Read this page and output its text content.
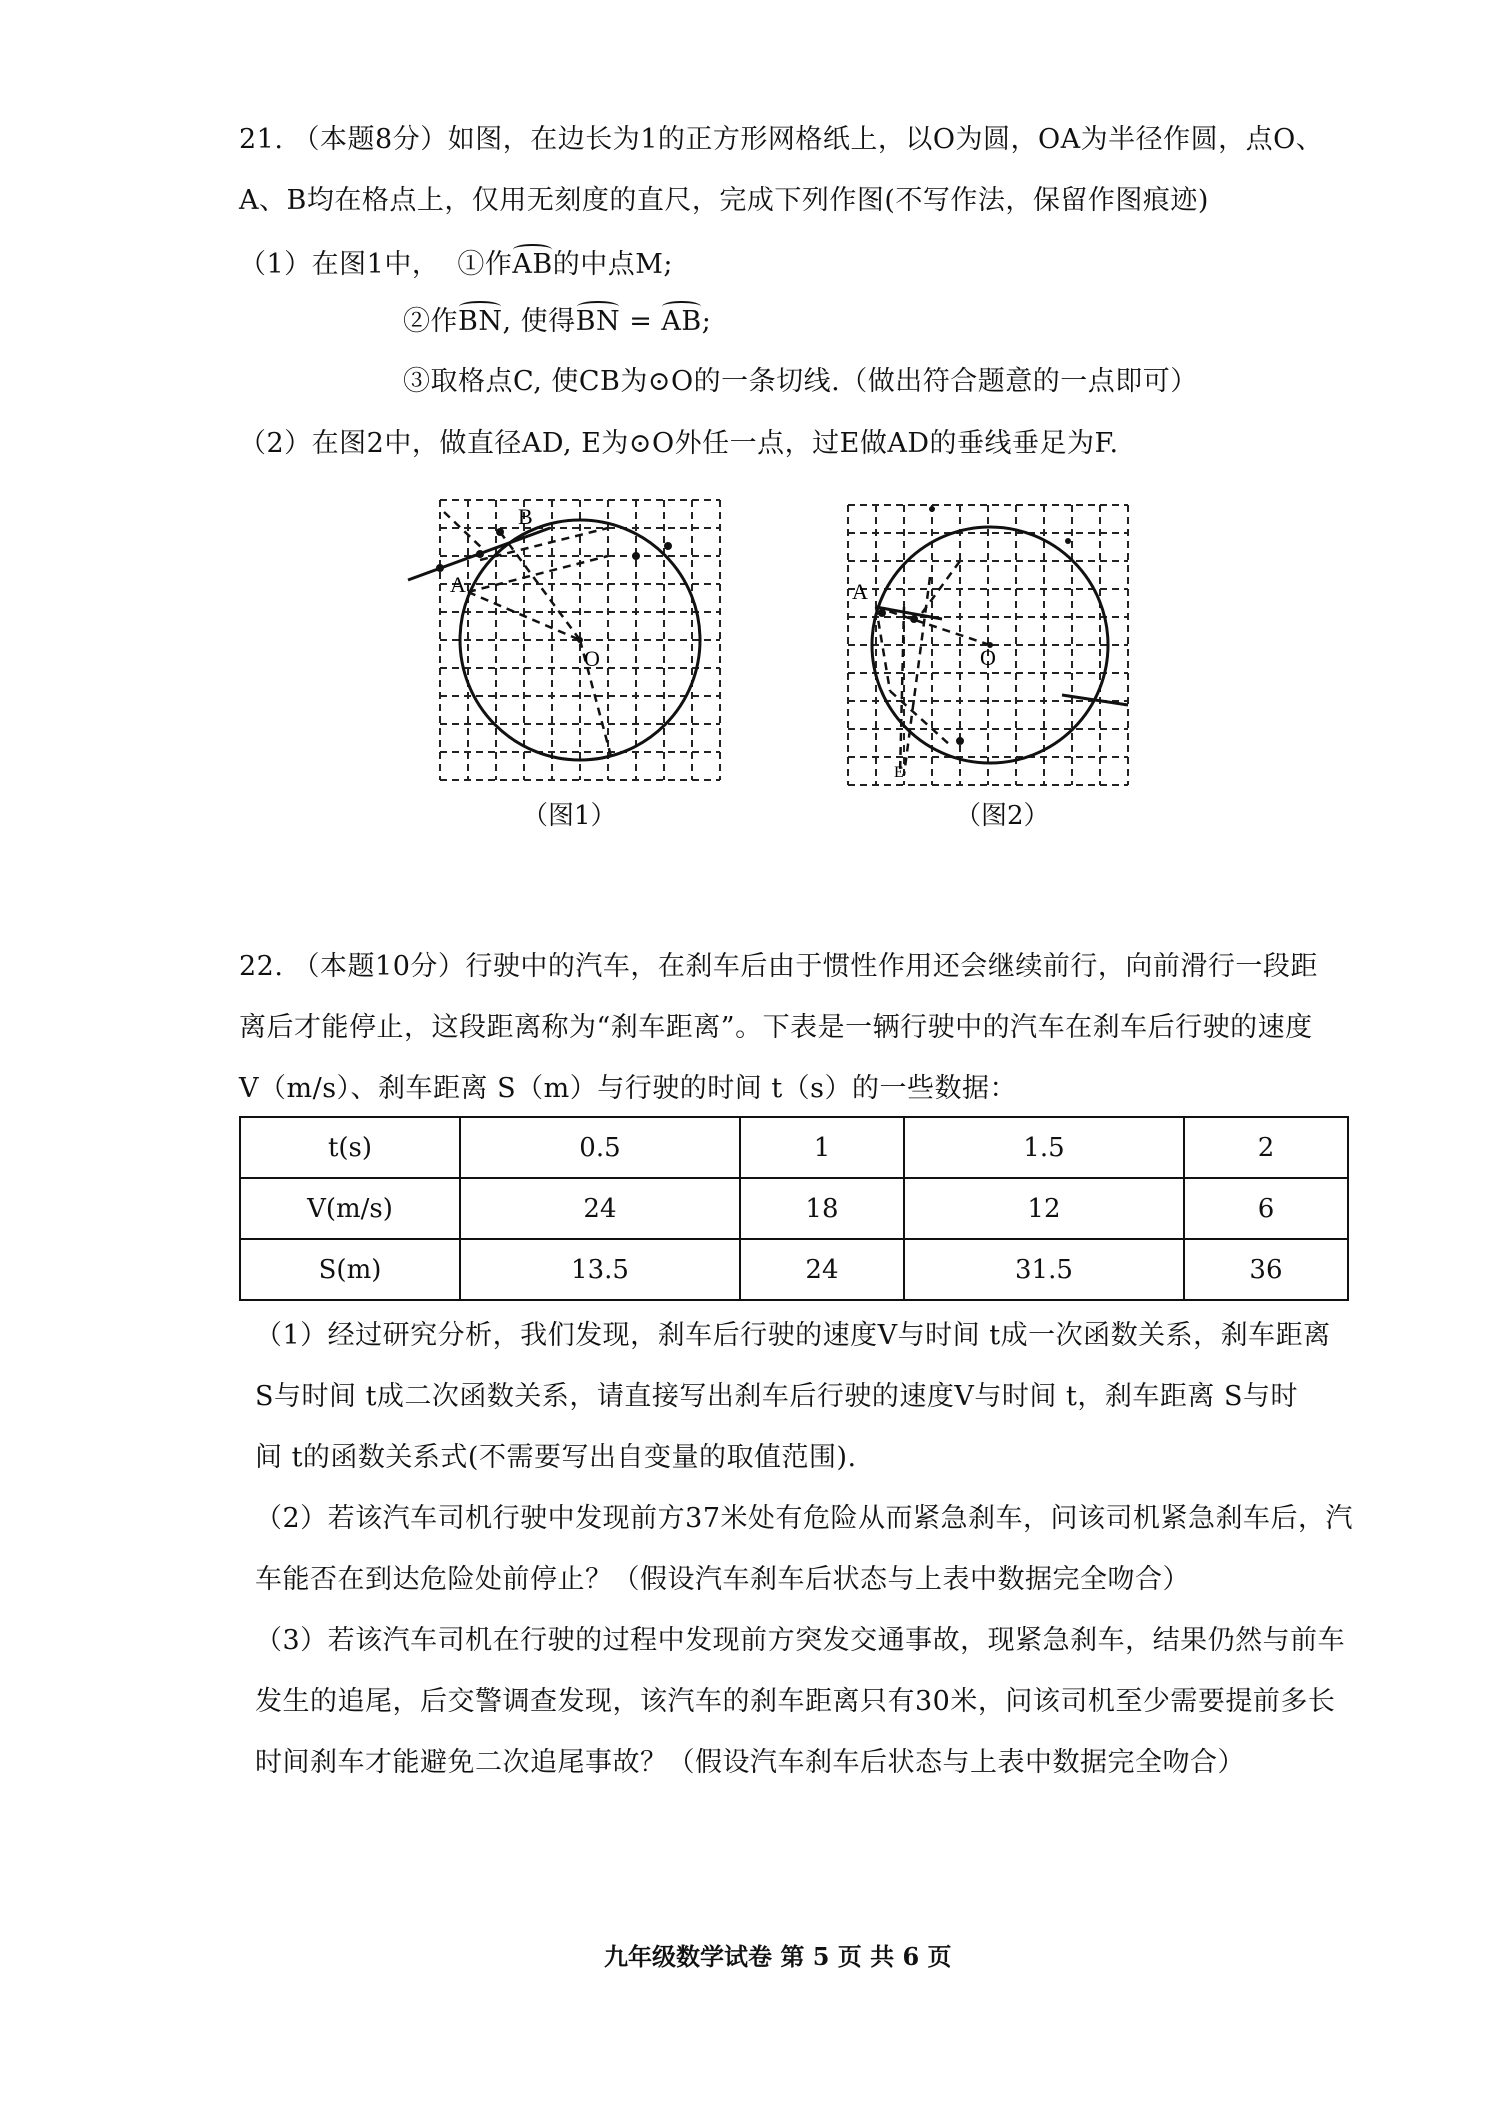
21. （本题8分）如图，在边长为1的正方形网格纸上，以O为圆，OA为半径作圆，点O、
A、B均在格点上，仅用无刻度的直尺，完成下列作图(不写作法，保留作图痕迹)
（1）在图1中， ①作AB的中点M;
②作BN, 使得BN = AB;
③取格点C, 使CB为⊙O的一条切线.（做出符合题意的一点即可）
（2）在图2中，做直径AD, E为⊙O外任一点，过E做AD的垂线垂足为F.
A
B
O
（图1）
A
O
E
（图2）
22. （本题10分）行驶中的汽车，在刹车后由于惯性作用还会继续前行，向前滑行一段距
离后才能停止，这段距离称为“刹车距离”。下表是一辆行驶中的汽车在刹车后行驶的速度
V（m/s）、刹车距离 S（m）与行驶的时间 t（s）的一些数据：
t(s)	0.5	1	1.5	2
V(m/s)	24	18	12	6
S(m)	13.5	24	31.5	36
（1）经过研究分析，我们发现，刹车后行驶的速度V与时间 t成一次函数关系，刹车距离
S与时间 t成二次函数关系，请直接写出刹车后行驶的速度V与时间 t，刹车距离 S与时
间 t的函数关系式(不需要写出自变量的取值范围).
（2）若该汽车司机行驶中发现前方37米处有危险从而紧急刹车，问该司机紧急刹车后，汽
车能否在到达危险处前停止？（假设汽车刹车后状态与上表中数据完全吻合）
（3）若该汽车司机在行驶的过程中发现前方突发交通事故，现紧急刹车，结果仍然与前车
发生的追尾，后交警调查发现，该汽车的刹车距离只有30米，问该司机至少需要提前多长
时间刹车才能避免二次追尾事故？（假设汽车刹车后状态与上表中数据完全吻合）
九年级数学试卷 第 5 页 共 6 页
